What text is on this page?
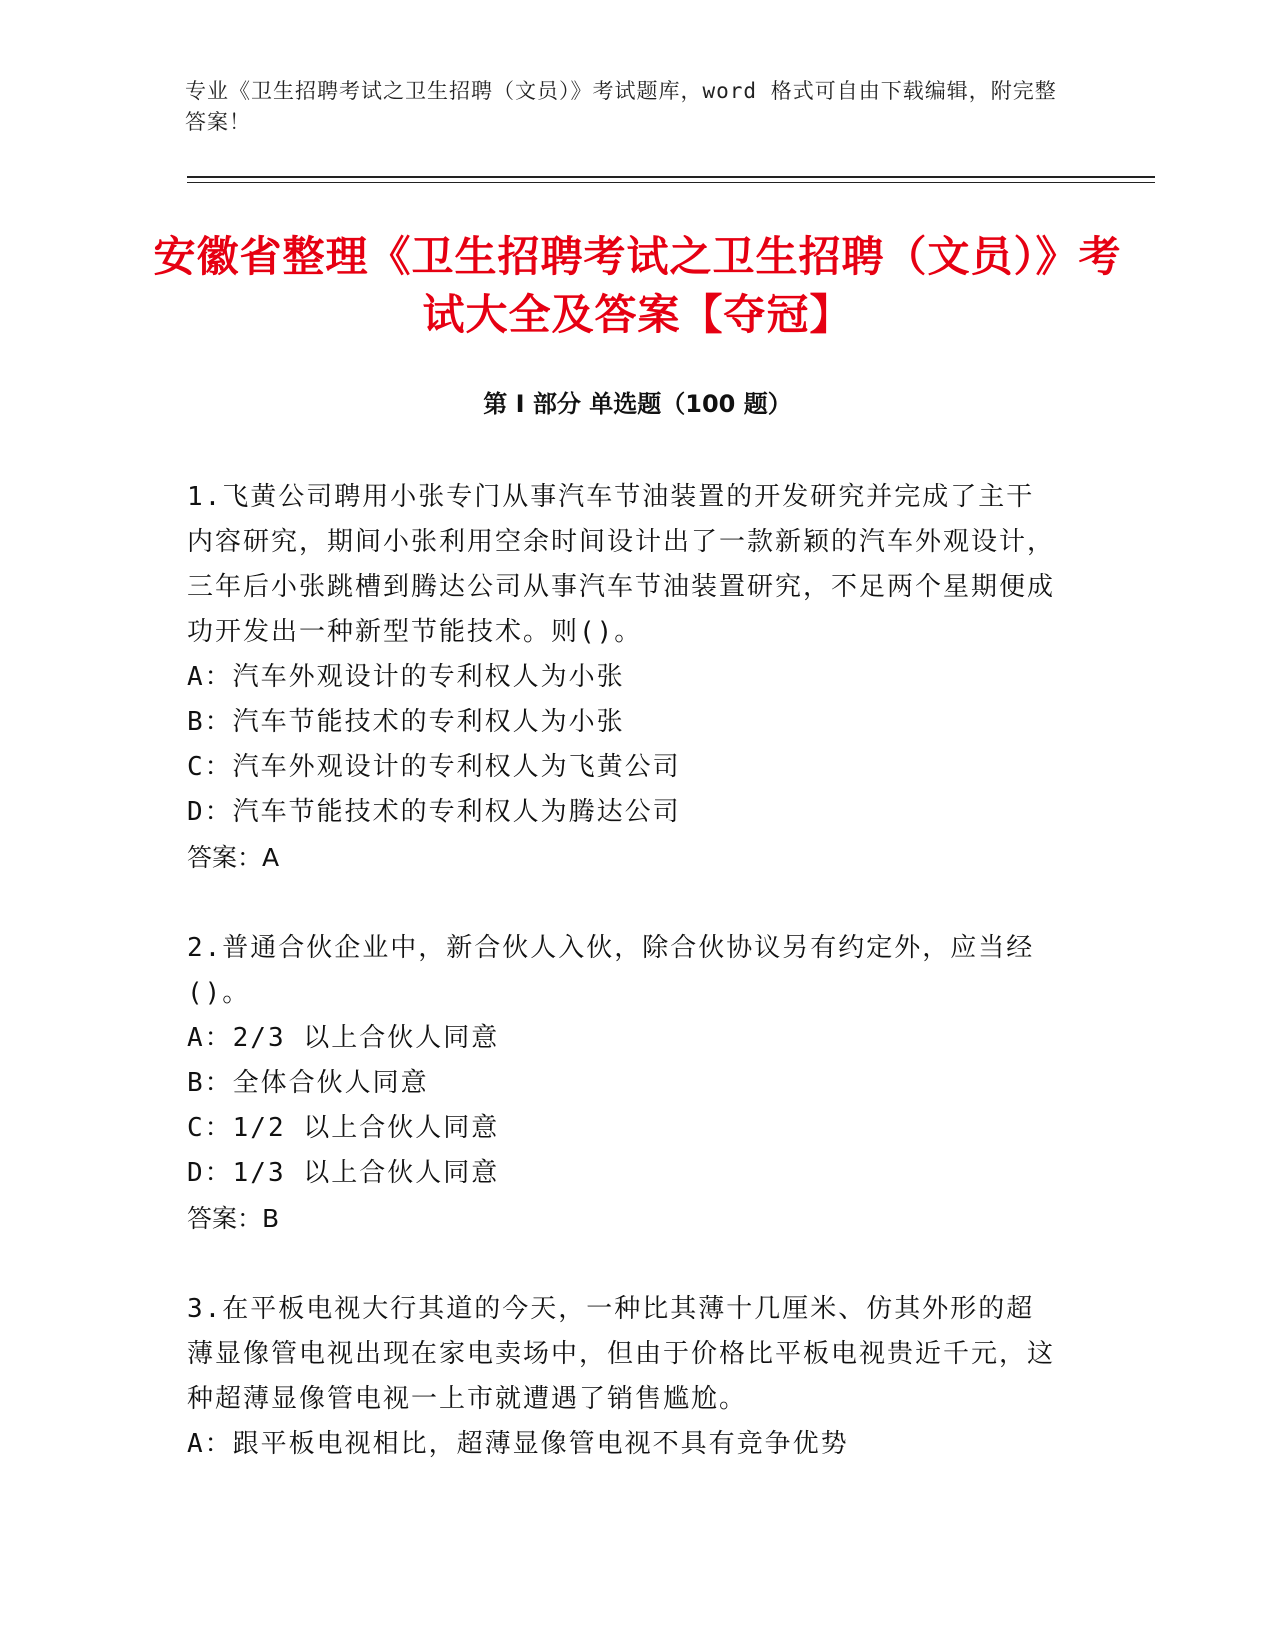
专业《卫生招聘考试之卫生招聘（文员）》考试题库，word 格式可自由下载编辑，附完整答案！
安徽省整理《卫生招聘考试之卫生招聘（文员）》考试大全及答案【夺冠】
第 I 部分 单选题（100 题）
1.飞黄公司聘用小张专门从事汽车节油装置的开发研究并完成了主干内容研究，期间小张利用空余时间设计出了一款新颖的汽车外观设计，三年后小张跳槽到腾达公司从事汽车节油装置研究，不足两个星期便成功开发出一种新型节能技术。则()。
A：汽车外观设计的专利权人为小张
B：汽车节能技术的专利权人为小张
C：汽车外观设计的专利权人为飞黄公司
D：汽车节能技术的专利权人为腾达公司
答案：A
2.普通合伙企业中，新合伙人入伙，除合伙协议另有约定外，应当经()。
A：2/3 以上合伙人同意
B：全体合伙人同意
C：1/2 以上合伙人同意
D：1/3 以上合伙人同意
答案：B
3.在平板电视大行其道的今天，一种比其薄十几厘米、仿其外形的超薄显像管电视出现在家电卖场中，但由于价格比平板电视贵近千元，这种超薄显像管电视一上市就遭遇了销售尴尬。
A：跟平板电视相比，超薄显像管电视不具有竞争优势
